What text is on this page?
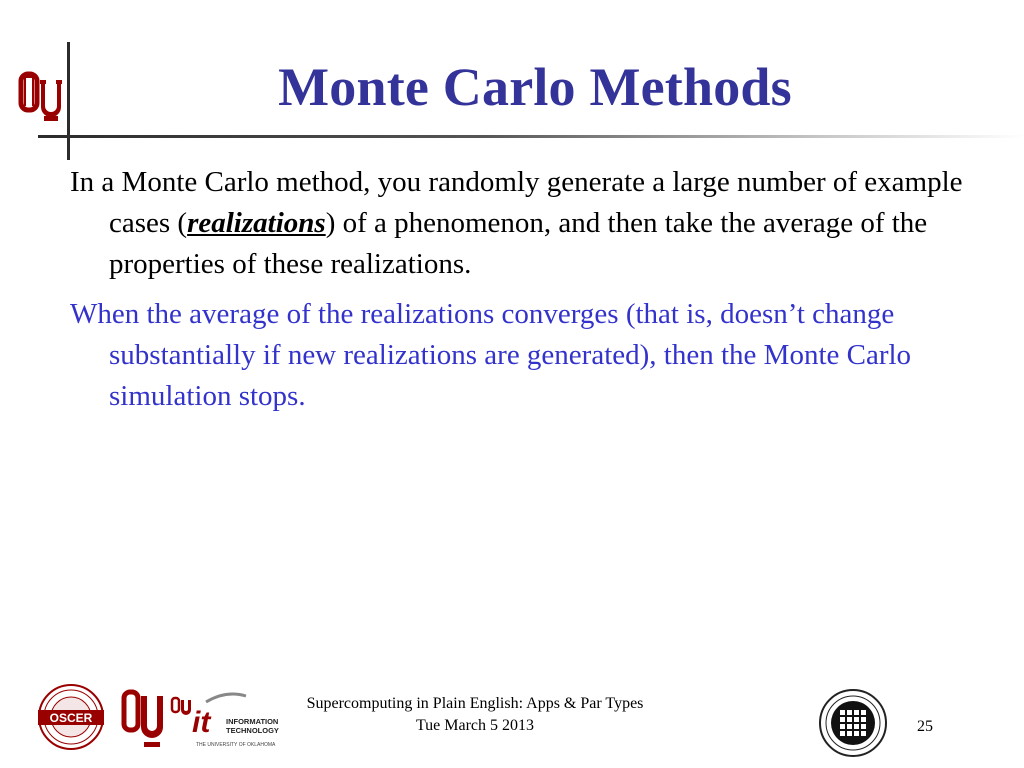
Monte Carlo Methods

In a Monte Carlo method, you randomly generate a large number of example cases (realizations) of a phenomenon, and then take the average of the properties of these realizations.

When the average of the realizations converges (that is, doesn’t change substantially if new realizations are generated), then the Monte Carlo simulation stops.

OSCER	it INFORMATION
TECHNOLOGY
THE UNIVERSITY OF OKLAHOMA
Supercomputing in Plain English: Apps & Par Types
Tue March 5 2013	25
